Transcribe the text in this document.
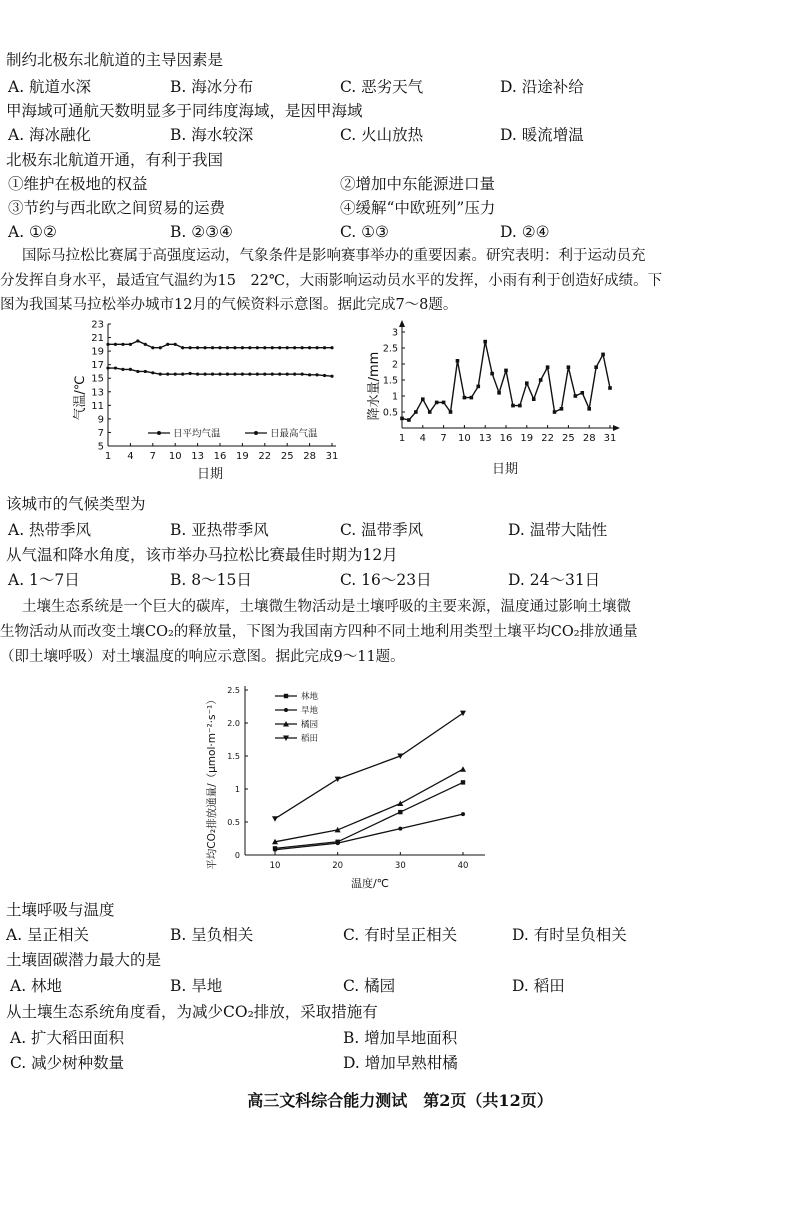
制约北极东北航道的主导因素是
A. 航道水深	B. 海冰分布	C. 恶劣天气	D. 沿途补给
甲海域可通航天数明显多于同纬度海域，是因甲海域
A. 海冰融化	B. 海水较深	C. 火山放热	D. 暖流增温
北极东北航道开通，有利于我国
①维护在极地的权益	②增加中东能源进口量
③节约与西北欧之间贸易的运费	④缓解“中欧班列”压力
A. ①②	B. ②③④	C. ①③	D. ②④
国际马拉松比赛属于高强度运动，气象条件是影响赛事举办的重要因素。研究表明：利于运动员充
分发挥自身水平，最适宜气温约为15　22℃，大雨影响运动员水平的发挥，小雨有利于创造好成绩。下
图为我国某马拉松举办城市12月的气候资料示意图。据此完成7～8题。
5
7
9
11
13
15
17
19
21
23
1 4 7 10 13 16 19 22 25 28 31
日期
气温/℃
日平均气温	日最高气温
0.5
1
1.5
2
2.5
3
1 4 7 10 13 16 19 22 25 28 31
日期
降水量/mm
该城市的气候类型为
A. 热带季风	B. 亚热带季风	C. 温带季风	D. 温带大陆性
从气温和降水角度，该市举办马拉松比赛最佳时期为12月
A. 1～7日	B. 8～15日	C. 16～23日	D. 24～31日
土壤生态系统是一个巨大的碳库，土壤微生物活动是土壤呼吸的主要来源，温度通过影响土壤微
生物活动从而改变土壤CO₂的释放量，下图为我国南方四种不同土地利用类型土壤平均CO₂排放通量
（即土壤呼吸）对土壤温度的响应示意图。据此完成9～11题。
0
0.5
1
1.5
2.0
2.5
10	20	30	40
温度/℃
平均CO₂排放通量/（μmol·m⁻²·s⁻¹）	林地
旱地
橘园
稻田
土壤呼吸与温度
A. 呈正相关	B. 呈负相关	C. 有时呈正相关	D. 有时呈负相关
土壤固碳潜力最大的是
A. 林地	B. 旱地	C. 橘园	D. 稻田
从土壤生态系统角度看，为减少CO₂排放，采取措施有
A. 扩大稻田面积	B. 增加旱地面积
C. 减少树种数量	D. 增加早熟柑橘
高三文科综合能力测试　第2页（共12页）
